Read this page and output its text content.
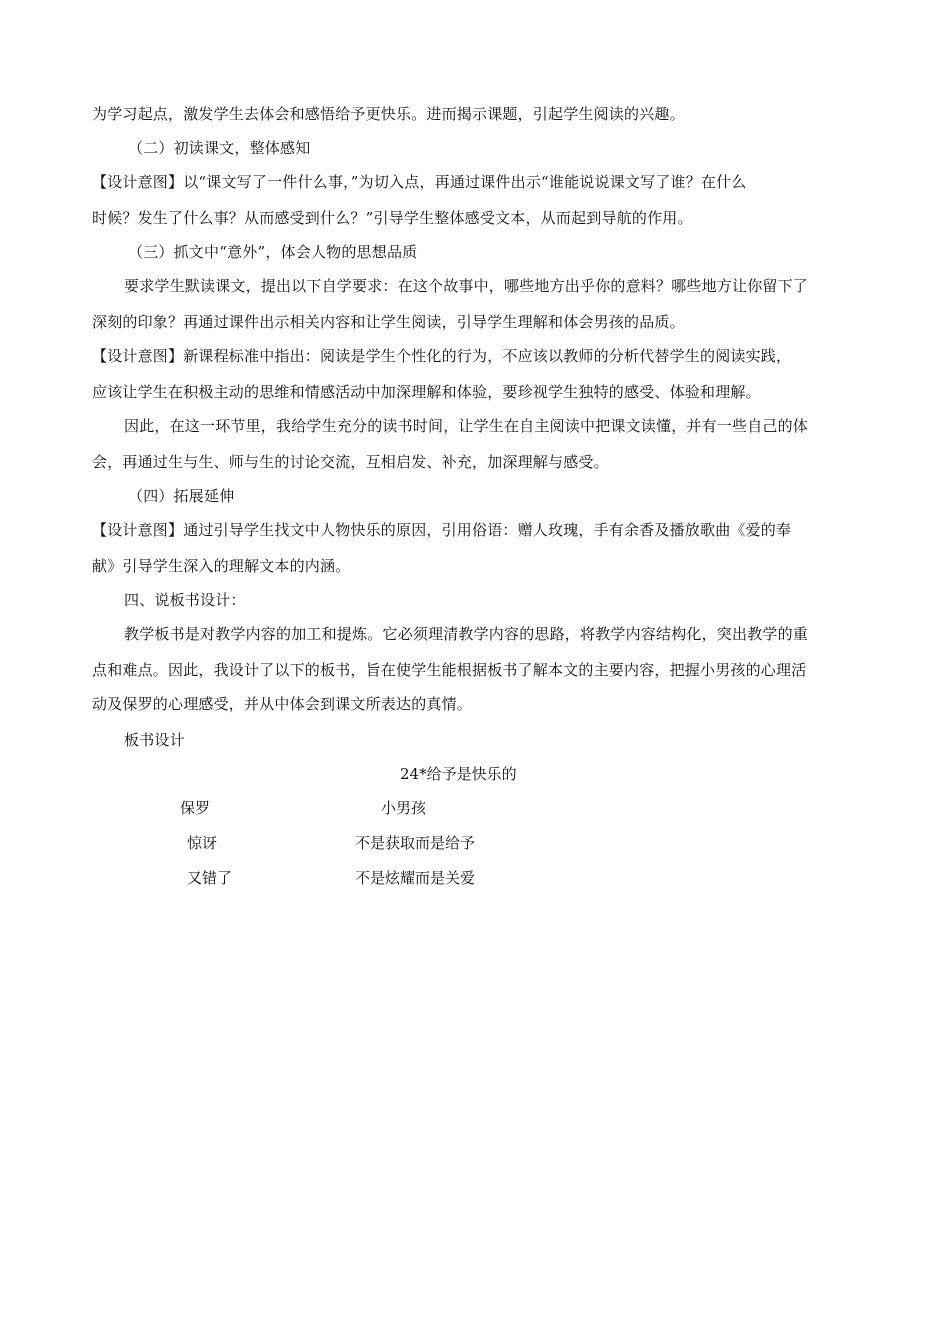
为学习起点，激发学生去体会和感悟给予更快乐。进而揭示课题，引起学生阅读的兴趣。
（二）初读课文，整体感知
【设计意图】以“课文写了一件什么事，”为切入点，再通过课件出示“谁能说说课文写了谁？在什么
时候？发生了什么事？从而感受到什么？”引导学生整体感受文本，从而起到导航的作用。
（三）抓文中“意外”，体会人物的思想品质
要求学生默读课文，提出以下自学要求：在这个故事中，哪些地方出乎你的意料？哪些地方让你留下了
深刻的印象？再通过课件出示相关内容和让学生阅读，引导学生理解和体会男孩的品质。
【设计意图】新课程标准中指出：阅读是学生个性化的行为，不应该以教师的分析代替学生的阅读实践，
应该让学生在积极主动的思维和情感活动中加深理解和体验，要珍视学生独特的感受、体验和理解。
因此，在这一环节里，我给学生充分的读书时间，让学生在自主阅读中把课文读懂，并有一些自己的体
会，再通过生与生、师与生的讨论交流，互相启发、补充，加深理解与感受。
（四）拓展延伸
【设计意图】通过引导学生找文中人物快乐的原因，引用俗语：赠人玫瑰，手有余香及播放歌曲《爱的奉
献》引导学生深入的理解文本的内涵。
四、说板书设计：
教学板书是对教学内容的加工和提炼。它必须理清教学内容的思路，将教学内容结构化，突出教学的重
点和难点。因此，我设计了以下的板书，旨在使学生能根据板书了解本文的主要内容，把握小男孩的心理活
动及保罗的心理感受，并从中体会到课文所表达的真情。
板书设计
24*给予是快乐的
保罗	小男孩
惊讶	不是获取而是给予
又错了	不是炫耀而是关爱
